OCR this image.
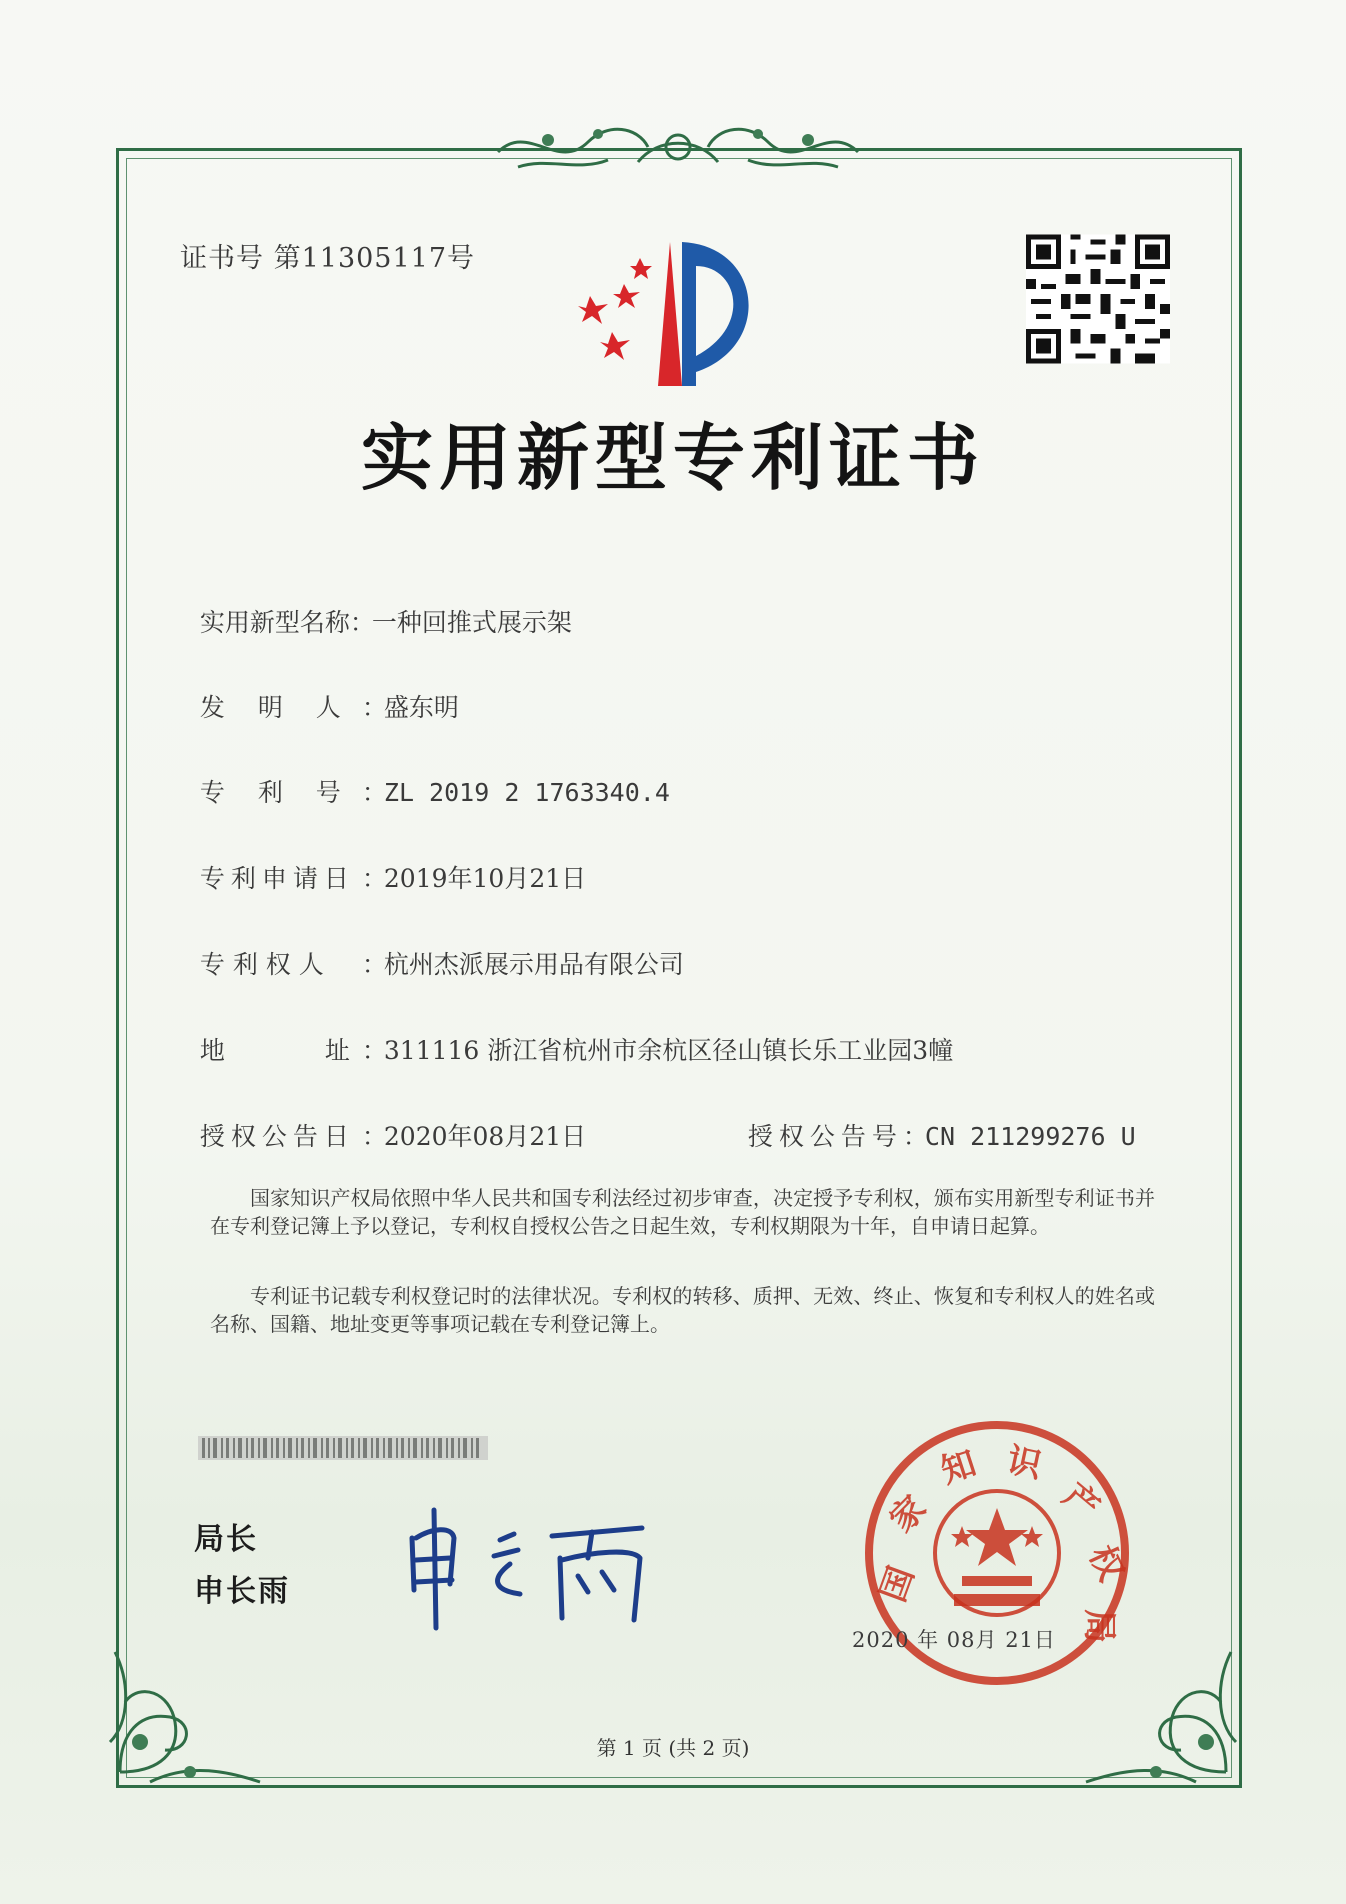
证书号 第11305117号
实用新型专利证书

实用新型名称：一种回推式展示架

发　 明 　人 ：盛东明

专　 利 　号 ：ZL 2019 2 1763340.4

专利申请日 ：2019年10月21日

专 利 权 人 ：杭州杰派展示用品有限公司

地　　　　址 ：311116 浙江省杭州市余杭区径山镇长乐工业园3幢

授权公告日 ：2020年08月21日	授权公告号：CN 211299276 U

国家知识产权局依照中华人民共和国专利法经过初步审查，决定授予专利权，颁布实用新型专利证书并在专利登记簿上予以登记，专利权自授权公告之日起生效，专利权期限为十年，自申请日起算。
专利证书记载专利权登记时的法律状况。专利权的转移、质押、无效、终止、恢复和专利权人的姓名或名称、国籍、地址变更等事项记载在专利登记簿上。
局长
申长雨	国
家
知 识
产
权
局
2020 年 08月 21日
第 1 页 (共 2 页)
